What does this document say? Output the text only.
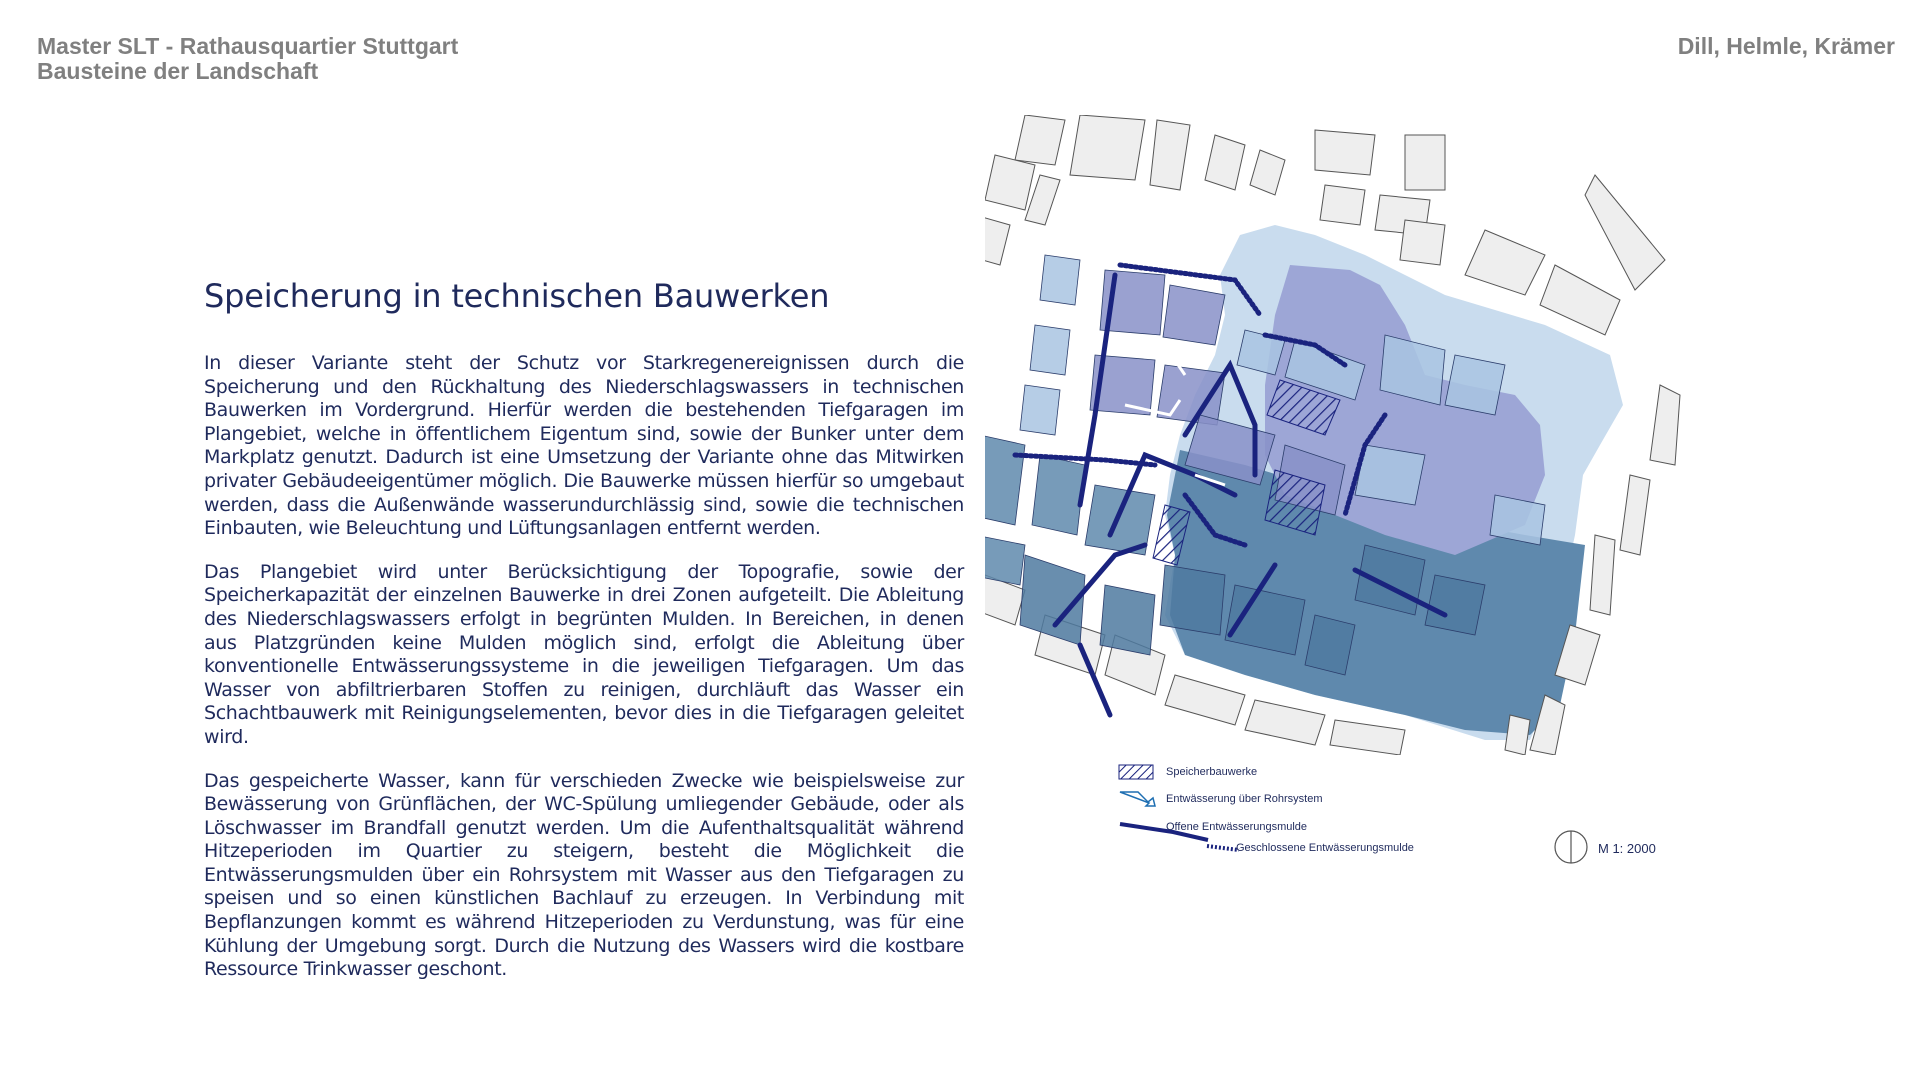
Master SLT - Rathausquartier Stuttgart
Bausteine der Landschaft
Dill, Helmle, Krämer
Speicherung in technischen Bauwerken

In dieser Variante steht der Schutz vor Starkregenereignissen durch die Speicherung und den Rückhaltung des Niederschlagswassers in technischen Bauwerken im Vordergrund. Hierfür werden die bestehenden Tiefgaragen im Plangebiet, welche in öffentlichem Eigentum sind, sowie der Bunker unter dem Markplatz genutzt. Dadurch ist eine Umsetzung der Variante ohne das Mitwirken privater Gebäudeeigentümer möglich. Die Bauwerke müssen hierfür so umgebaut werden, dass die Außenwände wasserundurchlässig sind, sowie die technischen Einbauten, wie Beleuchtung und Lüftungsanlagen entfernt werden.

Das Plangebiet wird unter Berücksichtigung der Topografie, sowie der Speicherkapazität der einzelnen Bauwerke in drei Zonen aufgeteilt. Die Ableitung des Niederschlagswassers erfolgt in begrünten Mulden. In Bereichen, in denen aus Platzgründen keine Mulden möglich sind, erfolgt die Ableitung über konventionelle Entwässerungssysteme in die jeweiligen Tiefgaragen. Um das Wasser von abfiltrierbaren Stoffen zu reinigen, durchläuft das Wasser ein Schachtbauwerk mit Reinigungselementen, bevor dies in die Tiefgaragen geleitet wird.

Das gespeicherte Wasser, kann für verschieden Zwecke wie beispielsweise zur Bewässerung von Grünflächen, der WC-Spülung umliegender Gebäude, oder als Löschwasser im Brandfall genutzt werden. Um die Aufenthaltsqualität während Hitzeperioden im Quartier zu steigern, besteht die Möglichkeit die Entwässerungsmulden über ein Rohrsystem mit Wasser aus den Tiefgaragen zu speisen und so einen künstlichen Bachlauf zu erzeugen. In Verbindung mit Bepflanzungen kommt es während Hitzeperioden zu Verdunstung, was für eine Kühlung der Umgebung sorgt. Durch die Nutzung des Wassers wird die kostbare Ressource Trinkwasser geschont.

Speicherbauwerke
Entwässerung über Rohrsystem
Offene Entwässerungsmulde
Geschlossene Entwässerungsmulde	M 1: 2000
